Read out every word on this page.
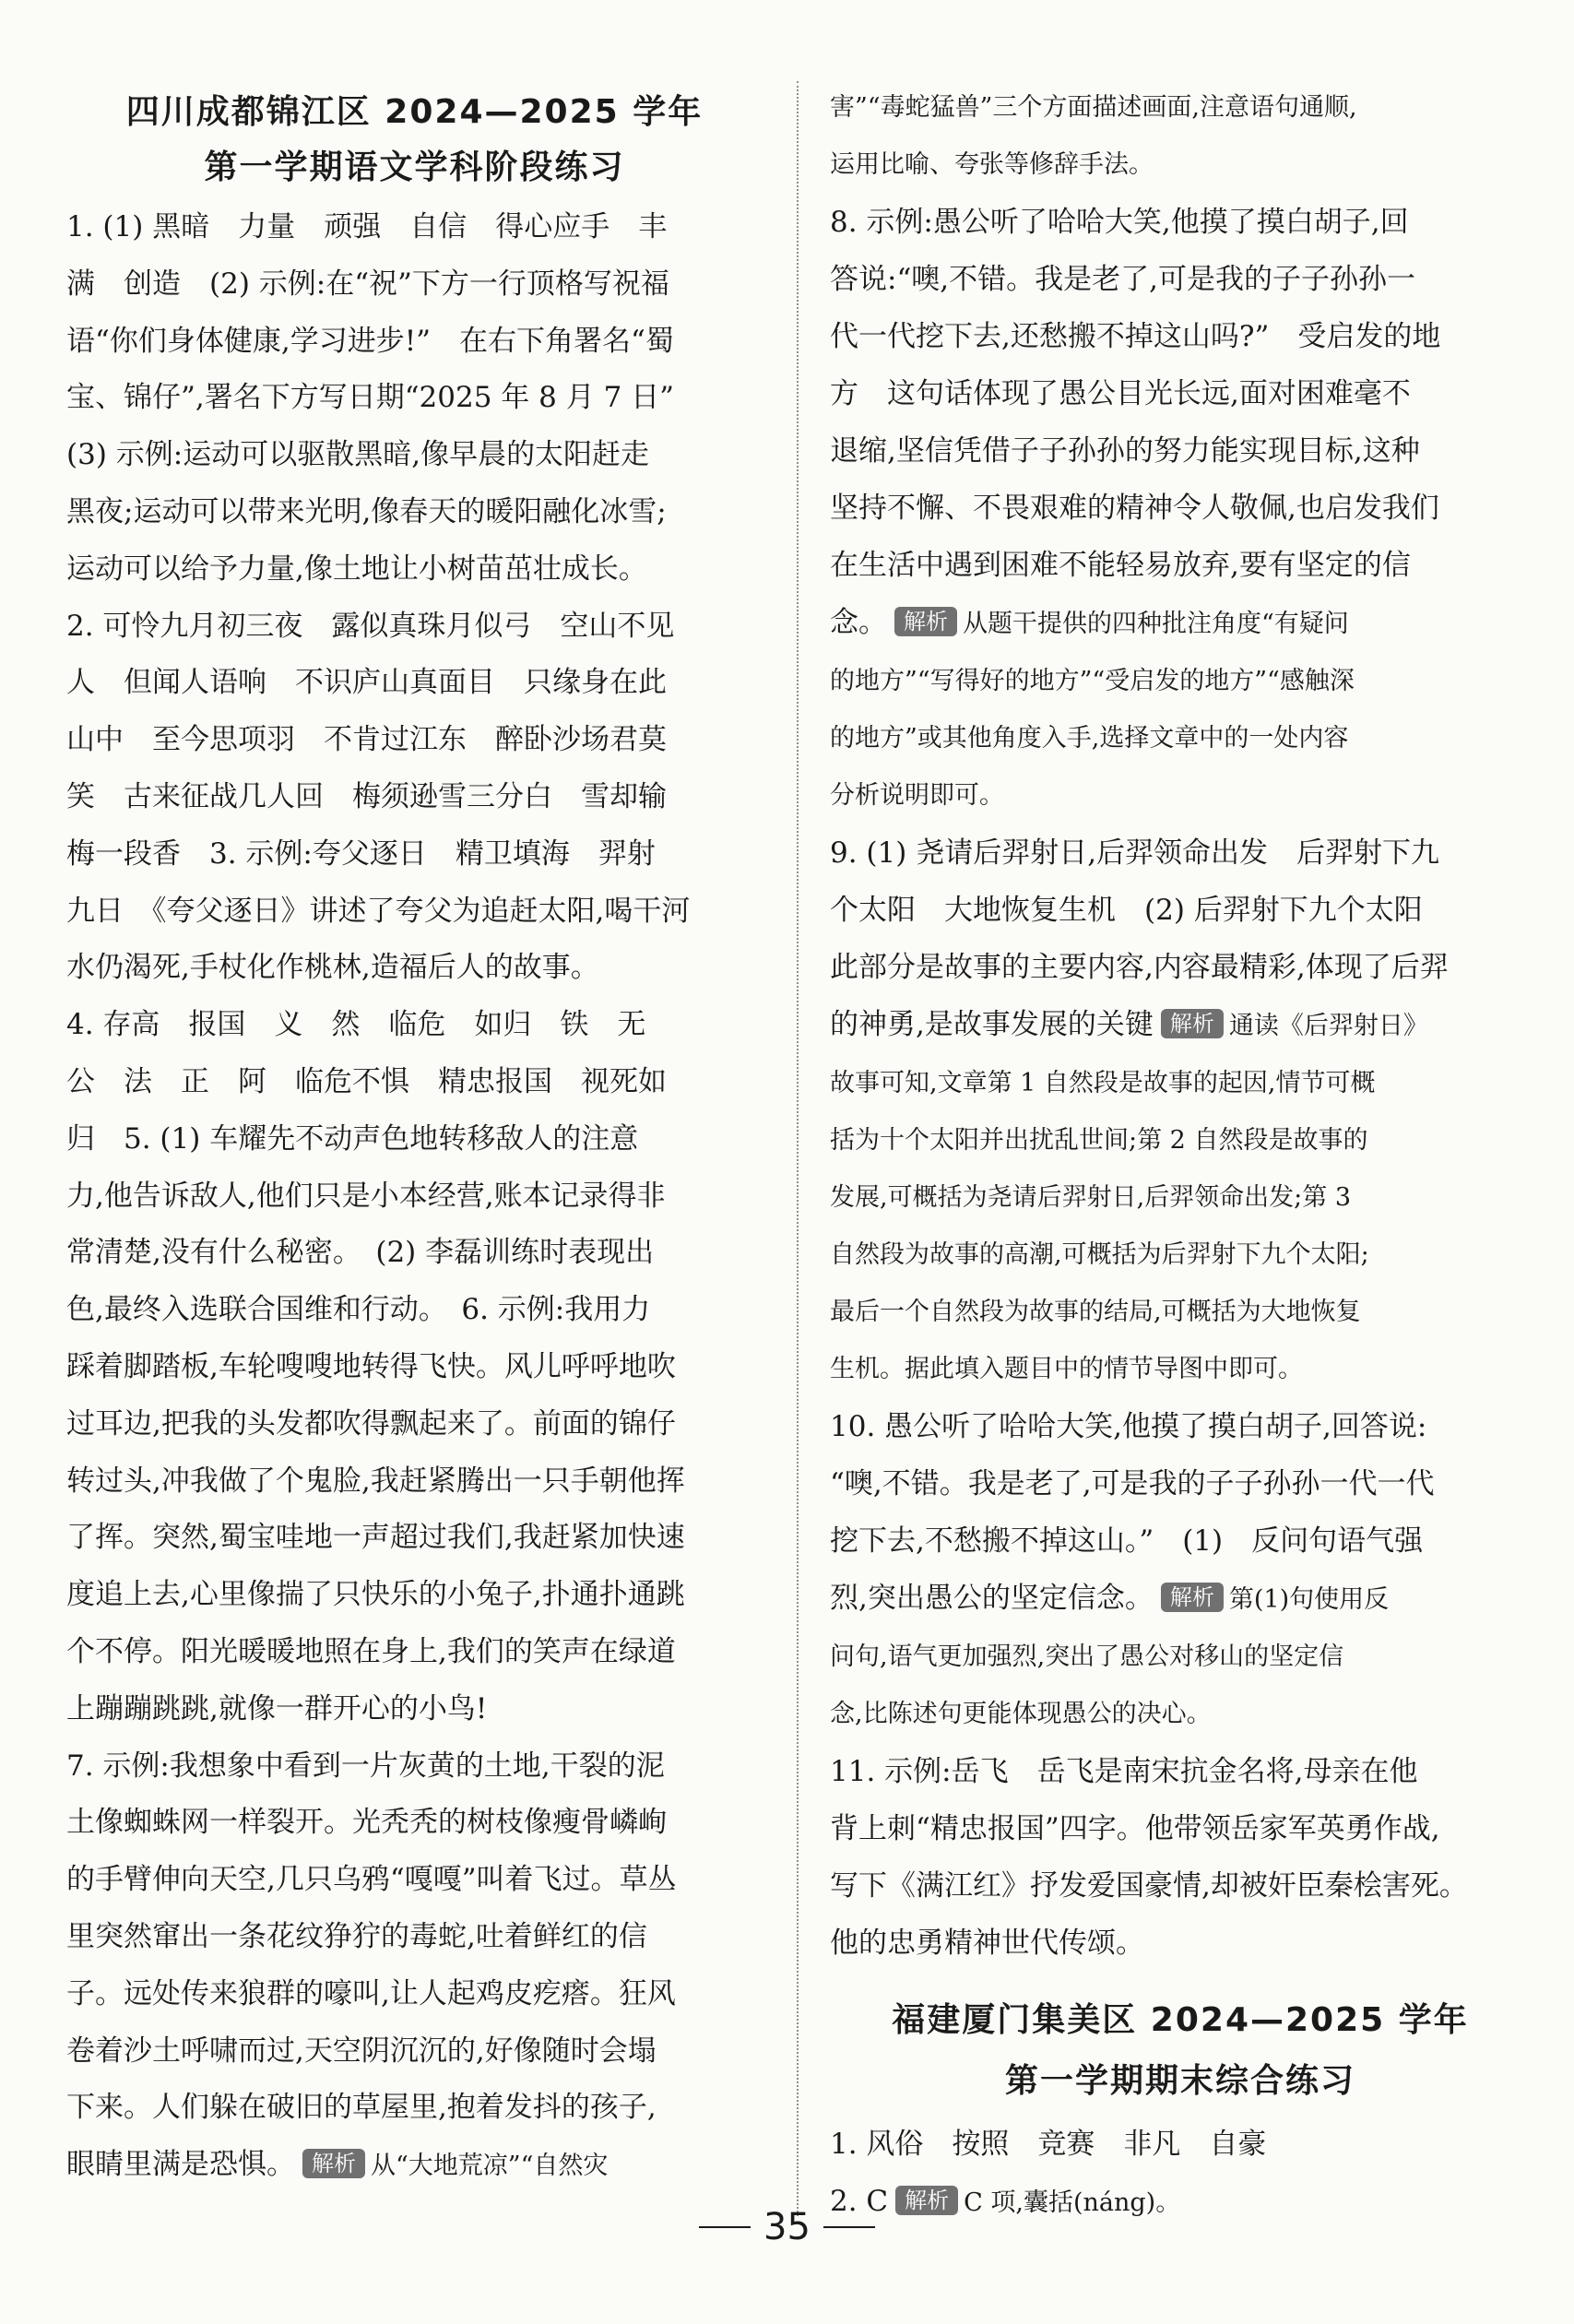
四川成都锦江区 2024—2025 学年
第一学期语文学科阶段练习
1. (1) 黑暗　力量　顽强　自信　得心应手　丰
满　创造　(2) 示例:在“祝”下方一行顶格写祝福
语“你们身体健康,学习进步!”　在右下角署名“蜀
宝、锦仔”,署名下方写日期“2025 年 8 月 7 日”
(3) 示例:运动可以驱散黑暗,像早晨的太阳赶走
黑夜;运动可以带来光明,像春天的暖阳融化冰雪;
运动可以给予力量,像土地让小树苗茁壮成长。
2. 可怜九月初三夜　露似真珠月似弓　空山不见
人　但闻人语响　不识庐山真面目　只缘身在此
山中　至今思项羽　不肯过江东　醉卧沙场君莫
笑　古来征战几人回　梅须逊雪三分白　雪却输
梅一段香　3. 示例:夸父逐日　精卫填海　羿射
九日　《夸父逐日》讲述了夸父为追赶太阳,喝干河
水仍渴死,手杖化作桃林,造福后人的故事。
4. 存高　报国　义　然　临危　如归　铁　无
公　法　正　阿　临危不惧　精忠报国　视死如
归　5. (1) 车耀先不动声色地转移敌人的注意
力,他告诉敌人,他们只是小本经营,账本记录得非
常清楚,没有什么秘密。　(2) 李磊训练时表现出
色,最终入选联合国维和行动。　6. 示例:我用力
踩着脚踏板,车轮嗖嗖地转得飞快。风儿呼呼地吹
过耳边,把我的头发都吹得飘起来了。前面的锦仔
转过头,冲我做了个鬼脸,我赶紧腾出一只手朝他挥
了挥。突然,蜀宝哇地一声超过我们,我赶紧加快速
度追上去,心里像揣了只快乐的小兔子,扑通扑通跳
个不停。阳光暖暖地照在身上,我们的笑声在绿道
上蹦蹦跳跳,就像一群开心的小鸟!
7. 示例:我想象中看到一片灰黄的土地,干裂的泥
土像蜘蛛网一样裂开。光秃秃的树枝像瘦骨嶙峋
的手臂伸向天空,几只乌鸦“嘎嘎”叫着飞过。草丛
里突然窜出一条花纹狰狞的毒蛇,吐着鲜红的信
子。远处传来狼群的嚎叫,让人起鸡皮疙瘩。狂风
卷着沙土呼啸而过,天空阴沉沉的,好像随时会塌
下来。人们躲在破旧的草屋里,抱着发抖的孩子,
眼睛里满是恐惧。 解析 从“大地荒凉”“自然灾
害”“毒蛇猛兽”三个方面描述画面,注意语句通顺,
运用比喻、夸张等修辞手法。
8. 示例:愚公听了哈哈大笑,他摸了摸白胡子,回
答说:“噢,不错。我是老了,可是我的子子孙孙一
代一代挖下去,还愁搬不掉这山吗?”　受启发的地
方　这句话体现了愚公目光长远,面对困难毫不
退缩,坚信凭借子子孙孙的努力能实现目标,这种
坚持不懈、不畏艰难的精神令人敬佩,也启发我们
在生活中遇到困难不能轻易放弃,要有坚定的信
念。 解析 从题干提供的四种批注角度“有疑问
的地方”“写得好的地方”“受启发的地方”“感触深
的地方”或其他角度入手,选择文章中的一处内容
分析说明即可。
9. (1) 尧请后羿射日,后羿领命出发　后羿射下九
个太阳　大地恢复生机　(2) 后羿射下九个太阳
此部分是故事的主要内容,内容最精彩,体现了后羿
的神勇,是故事发展的关键 解析 通读《后羿射日》
故事可知,文章第 1 自然段是故事的起因,情节可概
括为十个太阳并出扰乱世间;第 2 自然段是故事的
发展,可概括为尧请后羿射日,后羿领命出发;第 3
自然段为故事的高潮,可概括为后羿射下九个太阳;
最后一个自然段为故事的结局,可概括为大地恢复
生机。据此填入题目中的情节导图中即可。
10. 愚公听了哈哈大笑,他摸了摸白胡子,回答说:
“噢,不错。我是老了,可是我的子子孙孙一代一代
挖下去,不愁搬不掉这山。”　(1)　反问句语气强
烈,突出愚公的坚定信念。 解析 第(1)句使用反
问句,语气更加强烈,突出了愚公对移山的坚定信
念,比陈述句更能体现愚公的决心。
11. 示例:岳飞　岳飞是南宋抗金名将,母亲在他
背上刺“精忠报国”四字。他带领岳家军英勇作战,
写下《满江红》抒发爱国豪情,却被奸臣秦桧害死。
他的忠勇精神世代传颂。
福建厦门集美区 2024—2025 学年
第一学期期末综合练习
1. 风俗　按照　竞赛　非凡　自豪
2. C 解析 C 项,囊括(náng)。
35
